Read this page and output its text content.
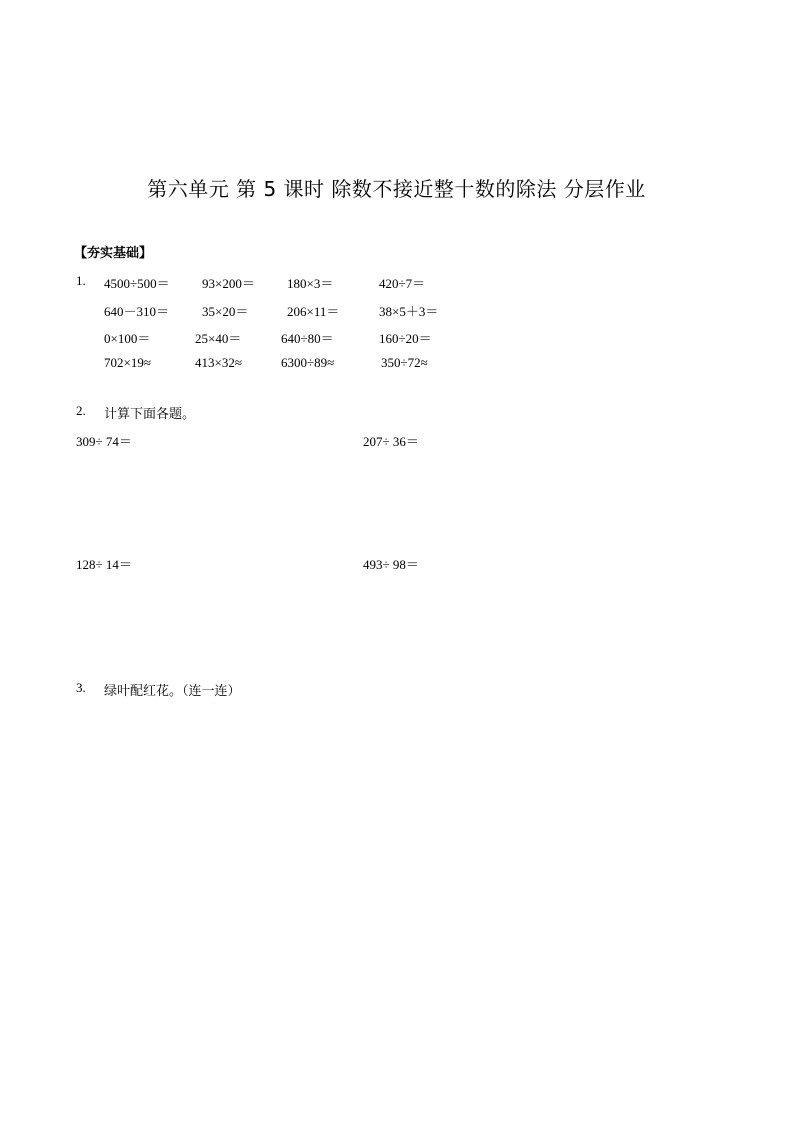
第六单元 第 5 课时 除数不接近整十数的除法 分层作业
【夯实基础】
1. 4500÷500＝ 93×200＝ 180×3＝	420÷7＝
640－310＝	35×20＝	206×11＝	38×5＋3＝
0×100＝	25×40＝	640÷80＝	160÷20＝
702×19≈	413×32≈	6300÷89≈	350÷72≈
2. 计算下面各题。
309÷ 74＝	207÷ 36＝
128÷ 14＝	493÷ 98＝
3. 绿叶配红花。（连一连）
